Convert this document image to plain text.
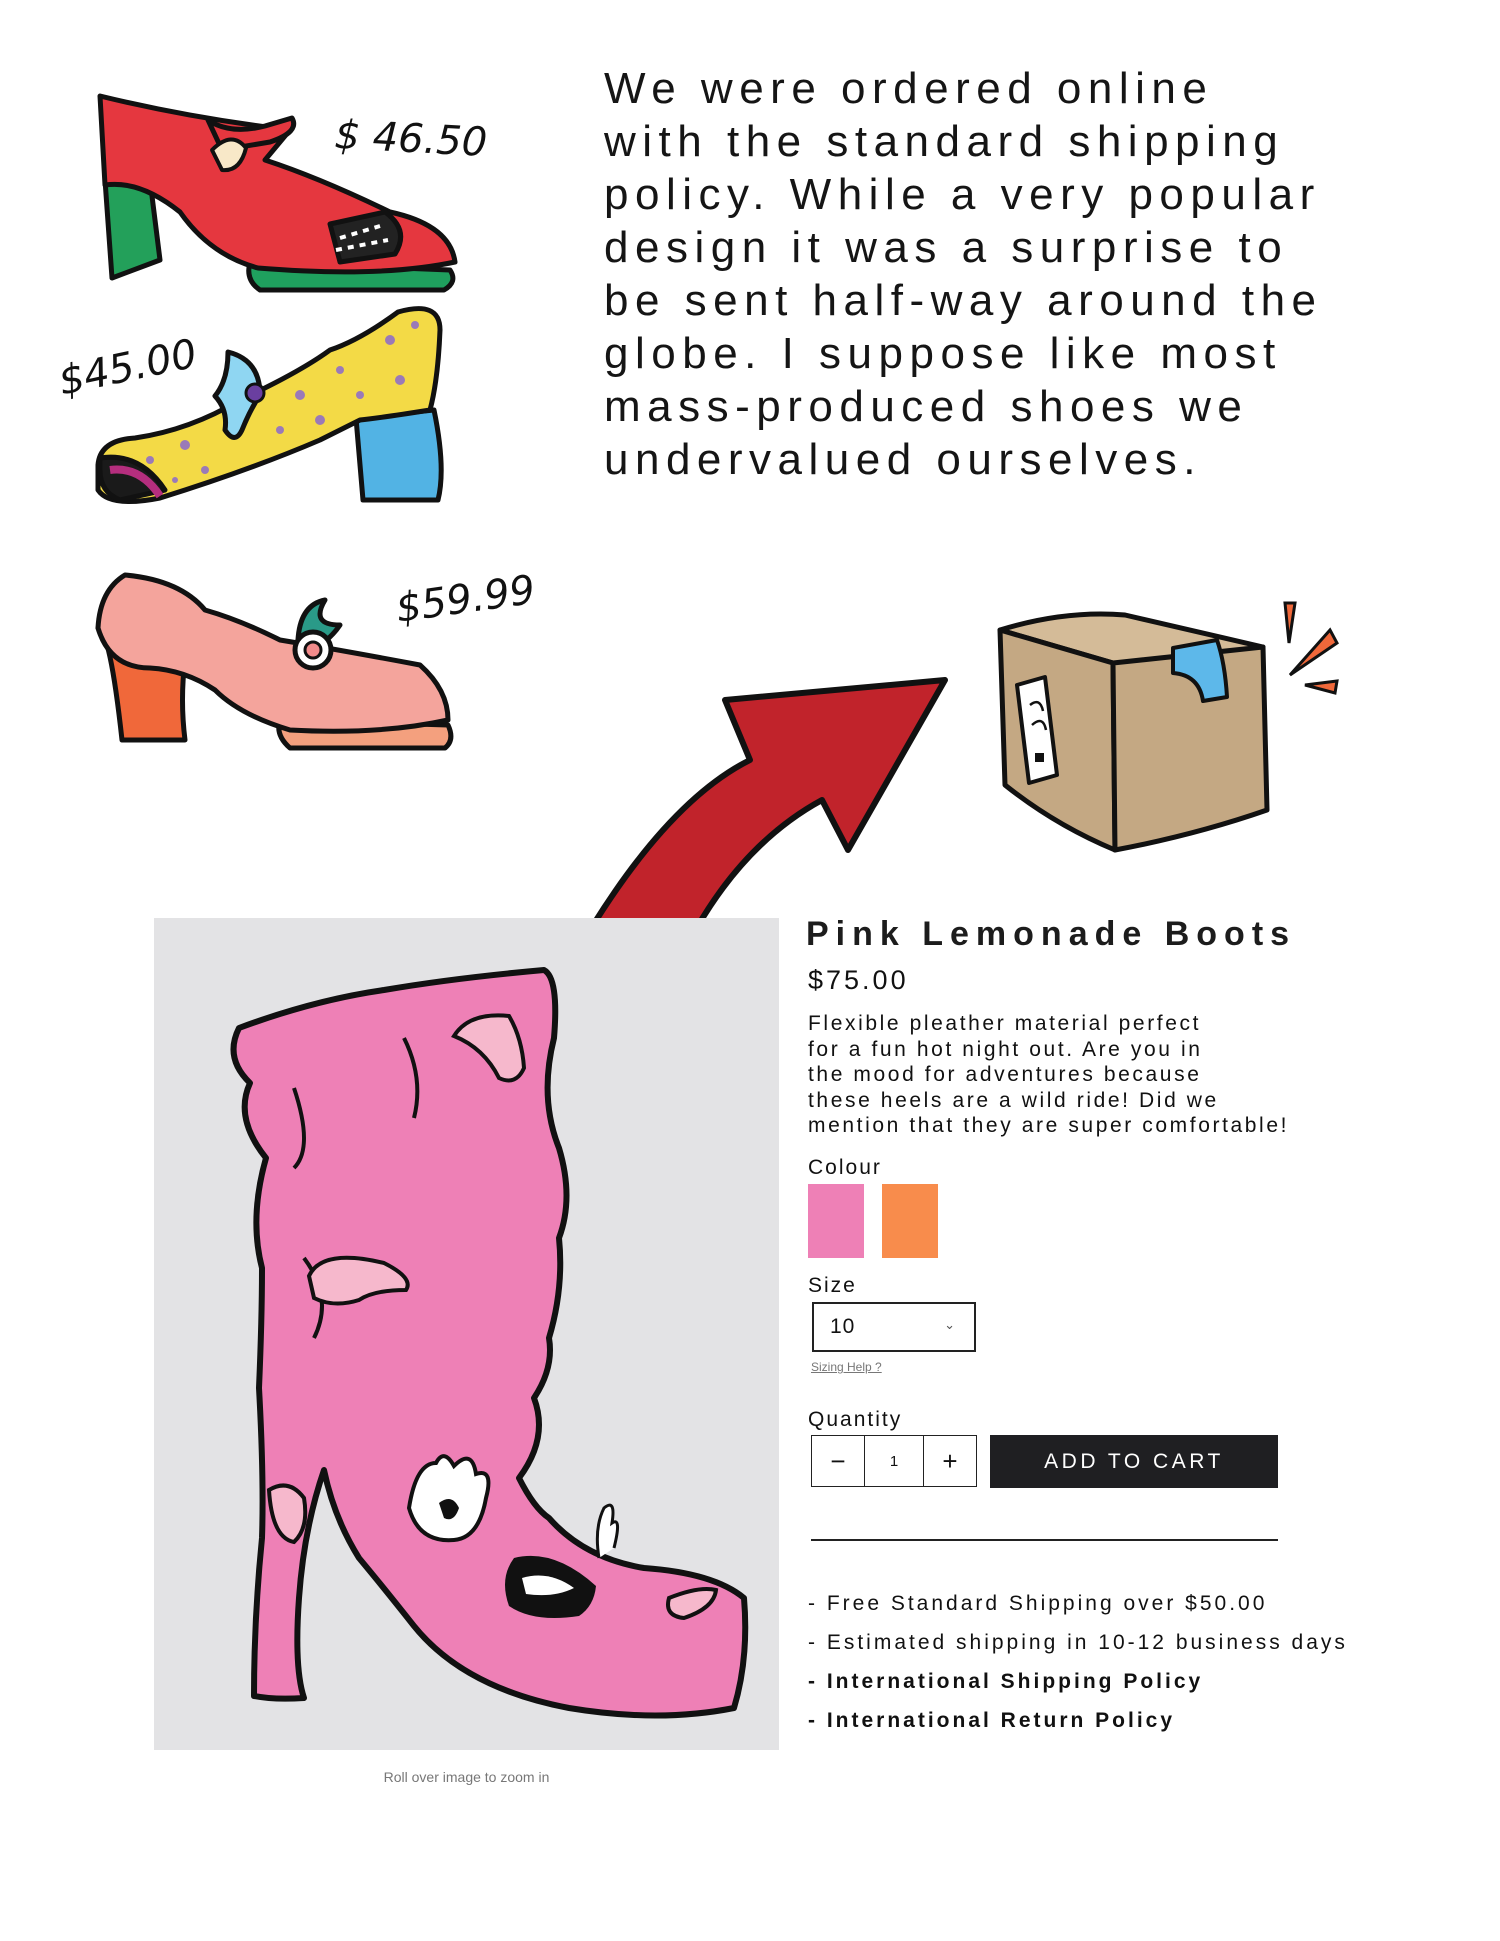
We were ordered online
with the standard shipping
policy. While a very popular
design it was a surprise to
be sent half-way around the
globe. I suppose like most
mass-produced shoes we
undervalued ourselves.
$ 46.50
$45.00
$59.99
Roll over image to zoom in
Pink Lemonade Boots
$75.00
Flexible pleather material perfect
for a fun hot night out. Are you in
the mood for adventures because
these heels are a wild ride! Did we
mention that they are super comfortable!
Colour
Size
10	⌄
Sizing Help ?
Quantity
−	1	+	ADD TO CART
- Free Standard Shipping over $50.00
- Estimated shipping in 10-12 business days
- International Shipping Policy
- International Return Policy
